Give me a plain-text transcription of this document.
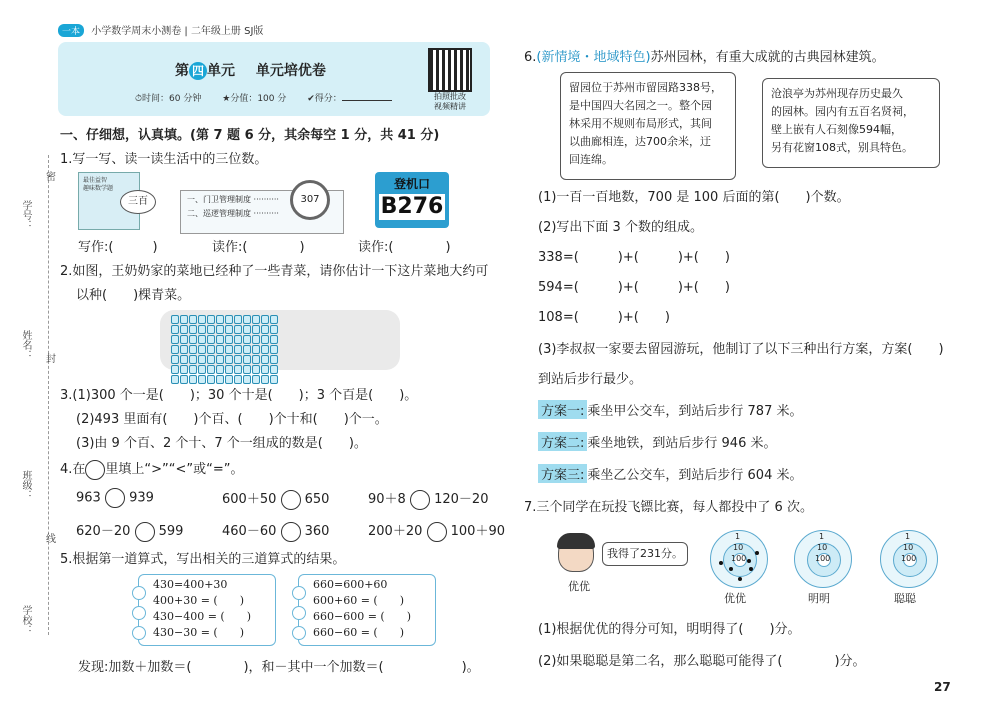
一本 小学数学周末小测卷 | 二年级上册 SJ版
第 四 单元 单元培优卷
⏱时间：60 分钟 ★分值：100 分 ✔得分：	拍照批改
视频精讲
学号：
姓名：
班级：
学校：
密
封
线
一、仔细想，认真填。(第 7 题 6 分，其余每空 1 分，共 41 分)
1.写一写、读一读生活中的三位数。
最佳益智
趣味数学题
三百	一、门卫管理制度 ··········
二、巡逻管理制度 ··········
307
登机口
B276
写作:(　　　)	读作:(　　　　)	读作:(　　　　)
2.如图，王奶奶家的菜地已经种了一些青菜，请你估计一下这片菜地大约可
以种(　　)棵青菜。
3.(1)300 个一是(　　)；30 个十是(　　)；3 个百是(　　)。
(2)493 里面有(　　)个百、(　　)个十和(　　)个一。
(3)由 9 个百、2 个十、7 个一组成的数是(　　)。
4.在 里填上“>”“<”或“=”。
963 939	600＋50 650	90＋8 120－20
620－20 599	460－60 360	200＋20 100＋90
5.根据第一道算式，写出相关的三道算式的结果。
430=400+30
400+30 = (　　)
430−400 = (　　)
430−30 = (　　)
660=600+60
600+60 = (　　)
660−600 = (　　)
660−60 = (　　)
发现:加数＋加数＝(　　　　)，和－其中一个加数＝(　　　　　　)。
6.(新情境・地域特色)苏州园林，有重大成就的古典园林建筑。
留园位于苏州市留园路338号，
是中国四大名园之一。整个园
林采用不规则布局形式，其间
以曲廊相连，达700余米，迂
回连绵。
沧浪亭为苏州现存历史最久
的园林。园内有五百名贤祠，
壁上嵌有人石刻像594幅，
另有花窗108式，别具特色。
(1)一百一百地数，700 是 100 后面的第(　　)个数。
(2)写出下面 3 个数的组成。
338=(　　　)+(　　　)+(　　)
594=(　　　)+(　　　)+(　　)
108=(　　　)+(　　)
(3)李叔叔一家要去留园游玩，他制订了以下三种出行方案，方案(　　)
到站后步行最少。
方案一: 乘坐甲公交车，到站后步行 787 米。
方案二: 乘坐地铁，到站后步行 946 米。
方案三: 乘坐乙公交车，到站后步行 604 米。
7.三个同学在玩投飞镖比赛，每人都投中了 6 次。
优优
我得了231分。
1
10
100
1
10
100
1
10
100
优优	明明	聪聪
(1)根据优优的得分可知，明明得了(　　)分。
(2)如果聪聪是第二名，那么聪聪可能得了(　　　　)分。
27
